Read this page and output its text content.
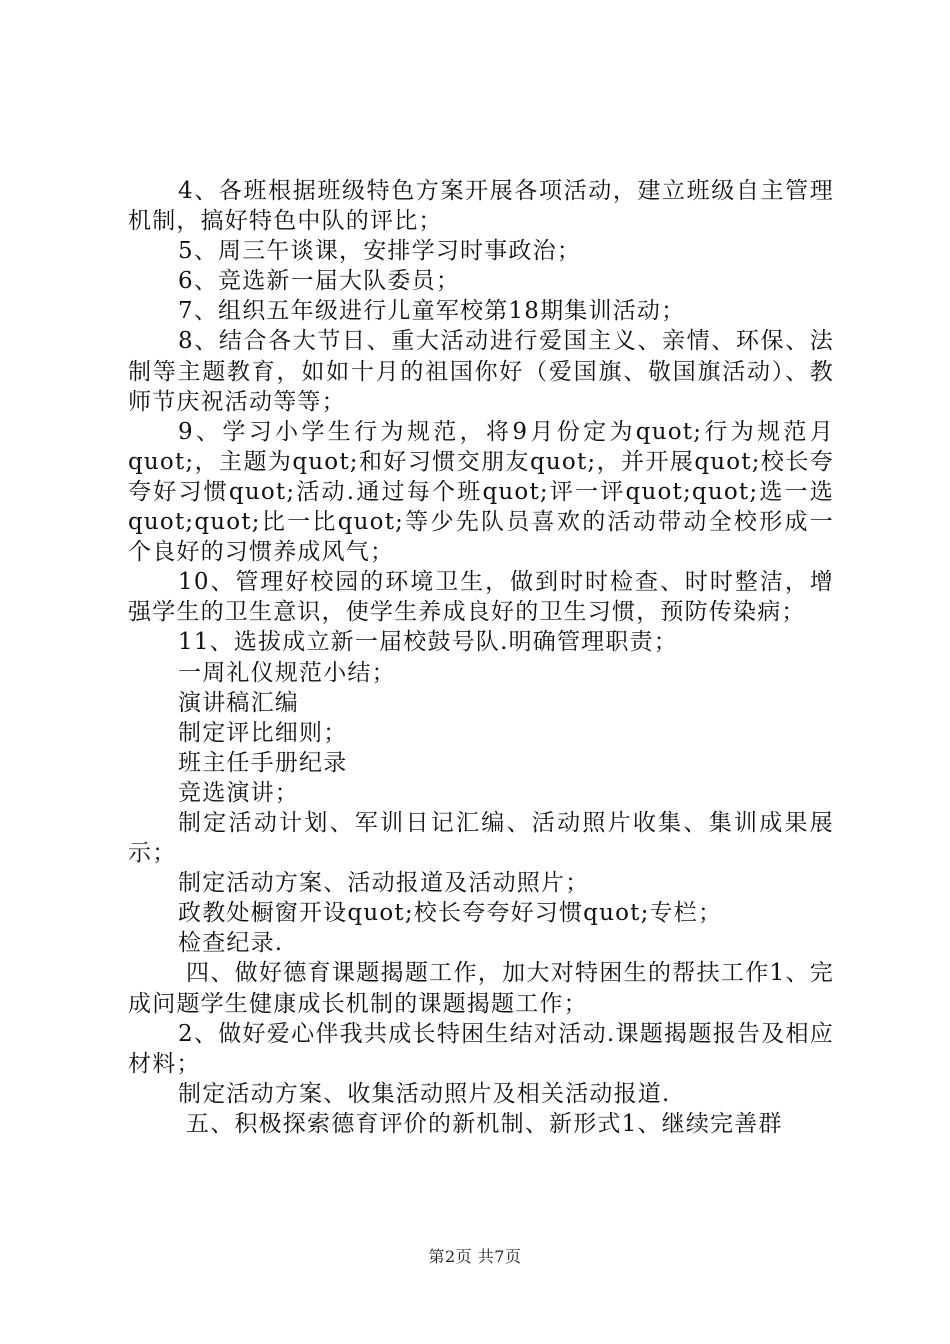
4、各班根据班级特色方案开展各项活动，建立班级自主管理机制，搞好特色中队的评比；

5、周三午谈课，安排学习时事政治；

6、竞选新一届大队委员；

7、组织五年级进行儿童军校第18期集训活动；

8、结合各大节日、重大活动进行爱国主义、亲情、环保、法制等主题教育，如如十月的祖国你好（爱国旗、敬国旗活动）、教师节庆祝活动等等；

9、学习小学生行为规范，将9月份定为quot;行为规范月quot;，主题为quot;和好习惯交朋友quot;，并开展quot;校长夸夸好习惯quot;活动.通过每个班quot;评一评quot;quot;选一选quot;quot;比一比quot;等少先队员喜欢的活动带动全校形成一个良好的习惯养成风气；

10、管理好校园的环境卫生，做到时时检查、时时整洁，增强学生的卫生意识，使学生养成良好的卫生习惯，预防传染病；

11、选拔成立新一届校鼓号队.明确管理职责；

一周礼仪规范小结；

演讲稿汇编

制定评比细则；

班主任手册纪录

竞选演讲；

制定活动计划、军训日记汇编、活动照片收集、集训成果展示；

制定活动方案、活动报道及活动照片；

政教处橱窗开设quot;校长夸夸好习惯quot;专栏；

检查纪录.

四、做好德育课题揭题工作，加大对特困生的帮扶工作1、完成问题学生健康成长机制的课题揭题工作；

2、做好爱心伴我共成长特困生结对活动.课题揭题报告及相应材料；

制定活动方案、收集活动照片及相关活动报道.

五、积极探索德育评价的新机制、新形式1、继续完善群

第2页 共7页
